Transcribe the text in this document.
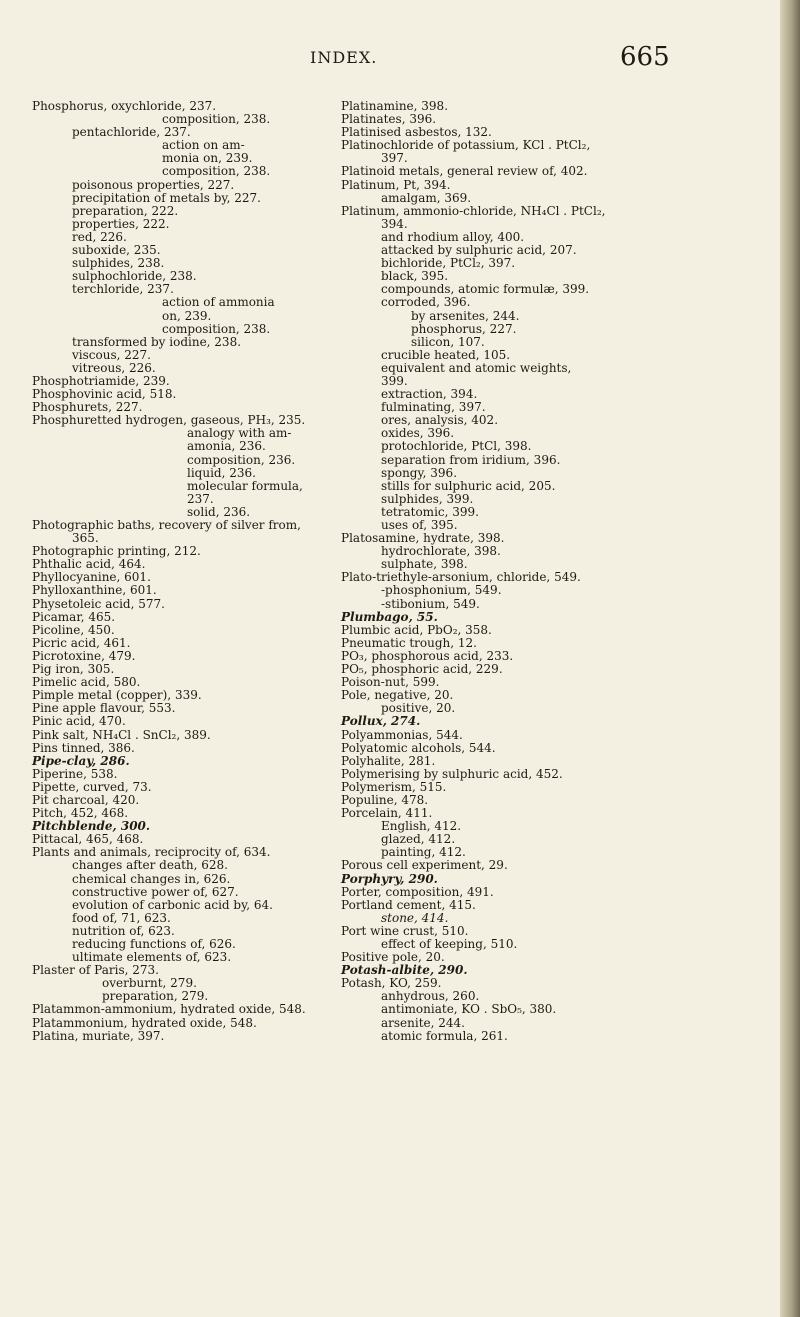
INDEX.	665
Phosphorus, oxychloride, 237.
composition, 238.
pentachloride, 237.
action on am-
monia on, 239.
composition, 238.
poisonous properties, 227.
precipitation of metals by, 227.
preparation, 222.
properties, 222.
red, 226.
suboxide, 235.
sulphides, 238.
sulphochloride, 238.
terchloride, 237.
action of ammonia
on, 239.
composition, 238.
transformed by iodine, 238.
viscous, 227.
vitreous, 226.
Phosphotriamide, 239.
Phosphovinic acid, 518.
Phosphurets, 227.
Phosphuretted hydrogen, gaseous, PH₃, 235.
analogy with am-
amonia, 236.
composition, 236.
liquid, 236.
molecular formula,
237.
solid, 236.
Photographic baths, recovery of silver from,
365.
Photographic printing, 212.
Phthalic acid, 464.
Phyllocyanine, 601.
Phylloxanthine, 601.
Physetoleic acid, 577.
Picamar, 465.
Picoline, 450.
Picric acid, 461.
Picrotoxine, 479.
Pig iron, 305.
Pimelic acid, 580.
Pimple metal (copper), 339.
Pine apple flavour, 553.
Pinic acid, 470.
Pink salt, NH₄Cl . SnCl₂, 389.
Pins tinned, 386.
Pipe-clay, 286.
Piperine, 538.
Pipette, curved, 73.
Pit charcoal, 420.
Pitch, 452, 468.
Pitchblende, 300.
Pittacal, 465, 468.
Plants and animals, reciprocity of, 634.
changes after death, 628.
chemical changes in, 626.
constructive power of, 627.
evolution of carbonic acid by, 64.
food of, 71, 623.
nutrition of, 623.
reducing functions of, 626.
ultimate elements of, 623.
Plaster of Paris, 273.
overburnt, 279.
preparation, 279.
Platammon-ammonium, hydrated oxide, 548.
Platammonium, hydrated oxide, 548.
Platina, muriate, 397.
Platinamine, 398.
Platinates, 396.
Platinised asbestos, 132.
Platinochloride of potassium, KCl . PtCl₂,
397.
Platinoid metals, general review of, 402.
Platinum, Pt, 394.
amalgam, 369.
Platinum, ammonio-chloride, NH₄Cl . PtCl₂,
394.
and rhodium alloy, 400.
attacked by sulphuric acid, 207.
bichloride, PtCl₂, 397.
black, 395.
compounds, atomic formulæ, 399.
corroded, 396.
by arsenites, 244.
phosphorus, 227.
silicon, 107.
crucible heated, 105.
equivalent and atomic weights,
399.
extraction, 394.
fulminating, 397.
ores, analysis, 402.
oxides, 396.
protochloride, PtCl, 398.
separation from iridium, 396.
spongy, 396.
stills for sulphuric acid, 205.
sulphides, 399.
tetratomic, 399.
uses of, 395.
Platosamine, hydrate, 398.
hydrochlorate, 398.
sulphate, 398.
Plato-triethyle-arsonium, chloride, 549.
-phosphonium, 549.
-stibonium, 549.
Plumbago, 55.
Plumbic acid, PbO₂, 358.
Pneumatic trough, 12.
PO₃, phosphorous acid, 233.
PO₅, phosphoric acid, 229.
Poison-nut, 599.
Pole, negative, 20.
positive, 20.
Pollux, 274.
Polyammonias, 544.
Polyatomic alcohols, 544.
Polyhalite, 281.
Polymerising by sulphuric acid, 452.
Polymerism, 515.
Populine, 478.
Porcelain, 411.
English, 412.
glazed, 412.
painting, 412.
Porous cell experiment, 29.
Porphyry, 290.
Porter, composition, 491.
Portland cement, 415.
stone, 414.
Port wine crust, 510.
effect of keeping, 510.
Positive pole, 20.
Potash-albite, 290.
Potash, KO, 259.
anhydrous, 260.
antimoniate, KO . SbO₅, 380.
arsenite, 244.
atomic formula, 261.
